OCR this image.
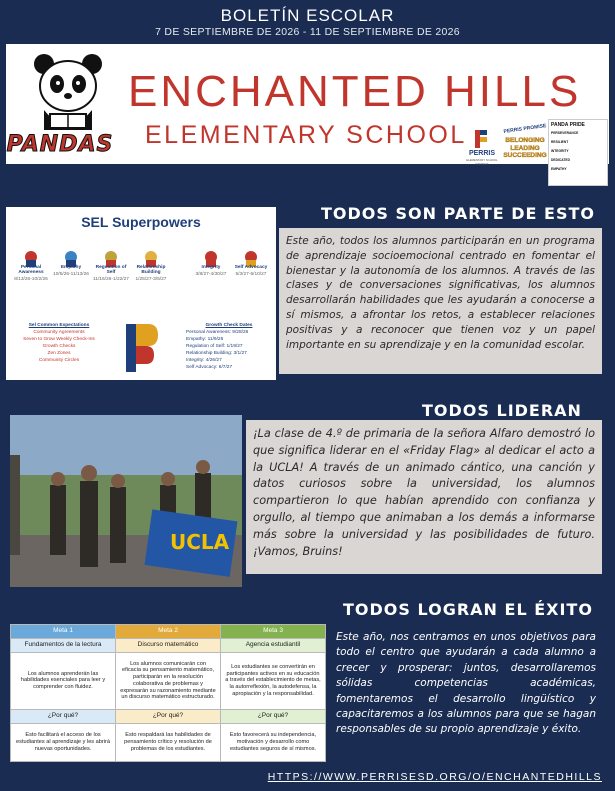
BOLETÍN ESCOLAR
7 DE SEPTIEMBRE DE 2026 - 11 DE SEPTIEMBRE DE 2026
PANDAS
ENCHANTED HILLS
ELEMENTARY SCHOOL
PERRIS
ELEMENTARY SCHOOL DISTRICT
PERRIS PROMISE
BELONGING
LEADING
SUCCEEDING
PANDA PRIDE
PERSEVERANCE
RESILIENT
INTEGRITY
DEDICATED
EMPATHY
TODOS SON PARTE DE ESTO
SEL Superpowers
Personal Awareness
8/13/26-10/2/26
Empathy
10/5/26-11/13/26
Regulation of Self
11/16/26-1/22/27
Relationship Building
1/25/27-3/5/27
Integrity
3/8/27-4/30/27
Self Advocacy
5/3/27-6/10/27
Sel Common Expectations
Community Agreements
Seven to Grow Weekly Check-Ins
Growth Checks
Zen Zones
Community Circles
Growth Check Dates
Personal Awareness: 9/28/26
Empathy: 11/9/26
Regulation of Self: 1/19/27
Relationship Building: 3/1/27
Integrity: 4/26/27
Self Advocacy: 6/7/27
Este año, todos los alumnos participarán en un programa de aprendizaje socioemocional centrado en fomentar el bienestar y la autonomía de los alumnos. A través de las clases y de conversaciones significativas, los alumnos desarrollarán habilidades que les ayudarán a conocerse a sí mismos, a afrontar los retos, a establecer relaciones positivas y a reconocer que tienen voz y un papel importante en su aprendizaje y en la comunidad escolar.
TODOS LIDERAN
UCLA
¡La clase de 4.º de primaria de la señora Alfaro demostró lo que significa liderar en el «Friday Flag» al dedicar el acto a la UCLA! A través de un animado cántico, una canción y datos curiosos sobre la universidad, los alumnos compartieron lo que habían aprendido con confianza y orgullo, al tiempo que animaban a los demás a informarse más sobre la universidad y las posibilidades de futuro. ¡Vamos, Bruins!
TODOS LOGRAN EL ÉXITO
Meta 1	Meta 2	Meta 3
Fundamentos de la lectura	Discurso matemático	Agencia estudiantil
Los alumnos aprenderán las habilidades esenciales para leer y comprender con fluidez.	Los alumnos comunicarán con eficacia su pensamiento matemático, participarán en la resolución colaborativa de problemas y expresarán su razonamiento mediante un discurso matemático estructurado.	Los estudiantes se convertirán en participantes activos en su educación a través del establecimiento de metas, la autorreflexión, la autodefensa, la apropiación y la responsabilidad.
¿Por qué?	¿Por qué?	¿Por qué?
Esto facilitará el acceso de los estudiantes al aprendizaje y les abrirá nuevas oportunidades.	Esto respaldará las habilidades de pensamiento crítico y resolución de problemas de los estudiantes.	Esto favorecerá su independencia, motivación y desarrollo como estudiantes seguros de sí mismos.
Este año, nos centramos en unos objetivos para todo el centro que ayudarán a cada alumno a crecer y prosperar: juntos, desarrollaremos sólidas competencias académicas, fomentaremos el desarrollo lingüístico y capacitaremos a los alumnos para que se hagan responsables de su propio aprendizaje y éxito.
HTTPS://WWW.PERRISESD.ORG/O/ENCHANTEDHILLS
